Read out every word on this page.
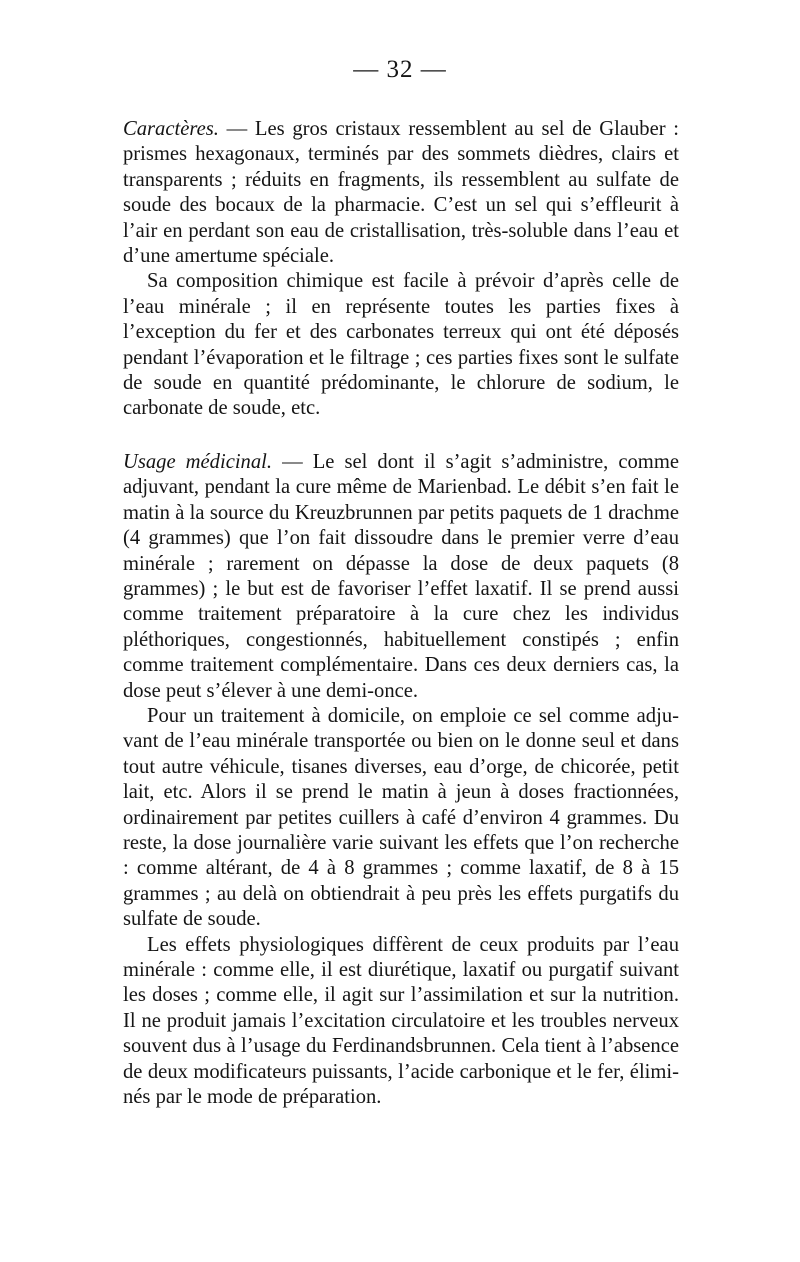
— 32 —

Caractères. — Les gros cristaux ressemblent au sel de Glauber : prismes hexagonaux, terminés par des sommets dièdres, clairs et transparents ; réduits en fragments, ils ressemblent au sulfate de soude des bocaux de la pharmacie. C’est un sel qui s’effleurit à l’air en perdant son eau de cristallisation, très-soluble dans l’eau et d’une amertume spéciale.

Sa composition chimique est facile à prévoir d’après celle de l’eau minérale ; il en représente toutes les parties fixes à l’exception du fer et des carbonates terreux qui ont été déposés pendant l’évaporation et le filtrage ; ces parties fixes sont le sulfate de soude en quantité prédominante, le chlorure de sodium, le carbonate de soude, etc.

Usage médicinal. — Le sel dont il s’agit s’administre, comme adjuvant, pendant la cure même de Marienbad. Le débit s’en fait le matin à la source du Kreuzbrunnen par petits paquets de 1 drachme (4 grammes) que l’on fait dissoudre dans le premier verre d’eau minérale ; rarement on dépasse la dose de deux paquets (8 grammes) ; le but est de favoriser l’effet laxatif. Il se prend aussi comme traitement préparatoire à la cure chez les individus pléthoriques, congestionnés, habituellement constipés ; enfin comme traitement complémentaire. Dans ces deux derniers cas, la dose peut s’élever à une demi-once.

Pour un traitement à domicile, on emploie ce sel comme adjuvant de l’eau minérale transportée ou bien on le donne seul et dans tout autre véhicule, tisanes diverses, eau d’orge, de chicorée, petit lait, etc. Alors il se prend le matin à jeun à doses fractionnées, ordinairement par petites cuillers à café d’environ 4 grammes. Du reste, la dose journalière varie suivant les effets que l’on recherche : comme altérant, de 4 à 8 grammes ; comme laxatif, de 8 à 15 grammes ; au delà on obtiendrait à peu près les effets purgatifs du sulfate de soude.

Les effets physiologiques diffèrent de ceux produits par l’eau minérale : comme elle, il est diurétique, laxatif ou purgatif suivant les doses ; comme elle, il agit sur l’assimilation et sur la nutrition. Il ne produit jamais l’excitation circulatoire et les troubles nerveux souvent dus à l’usage du Ferdinandsbrunnen. Cela tient à l’absence de deux modificateurs puissants, l’acide carbonique et le fer, éliminés par le mode de préparation.
